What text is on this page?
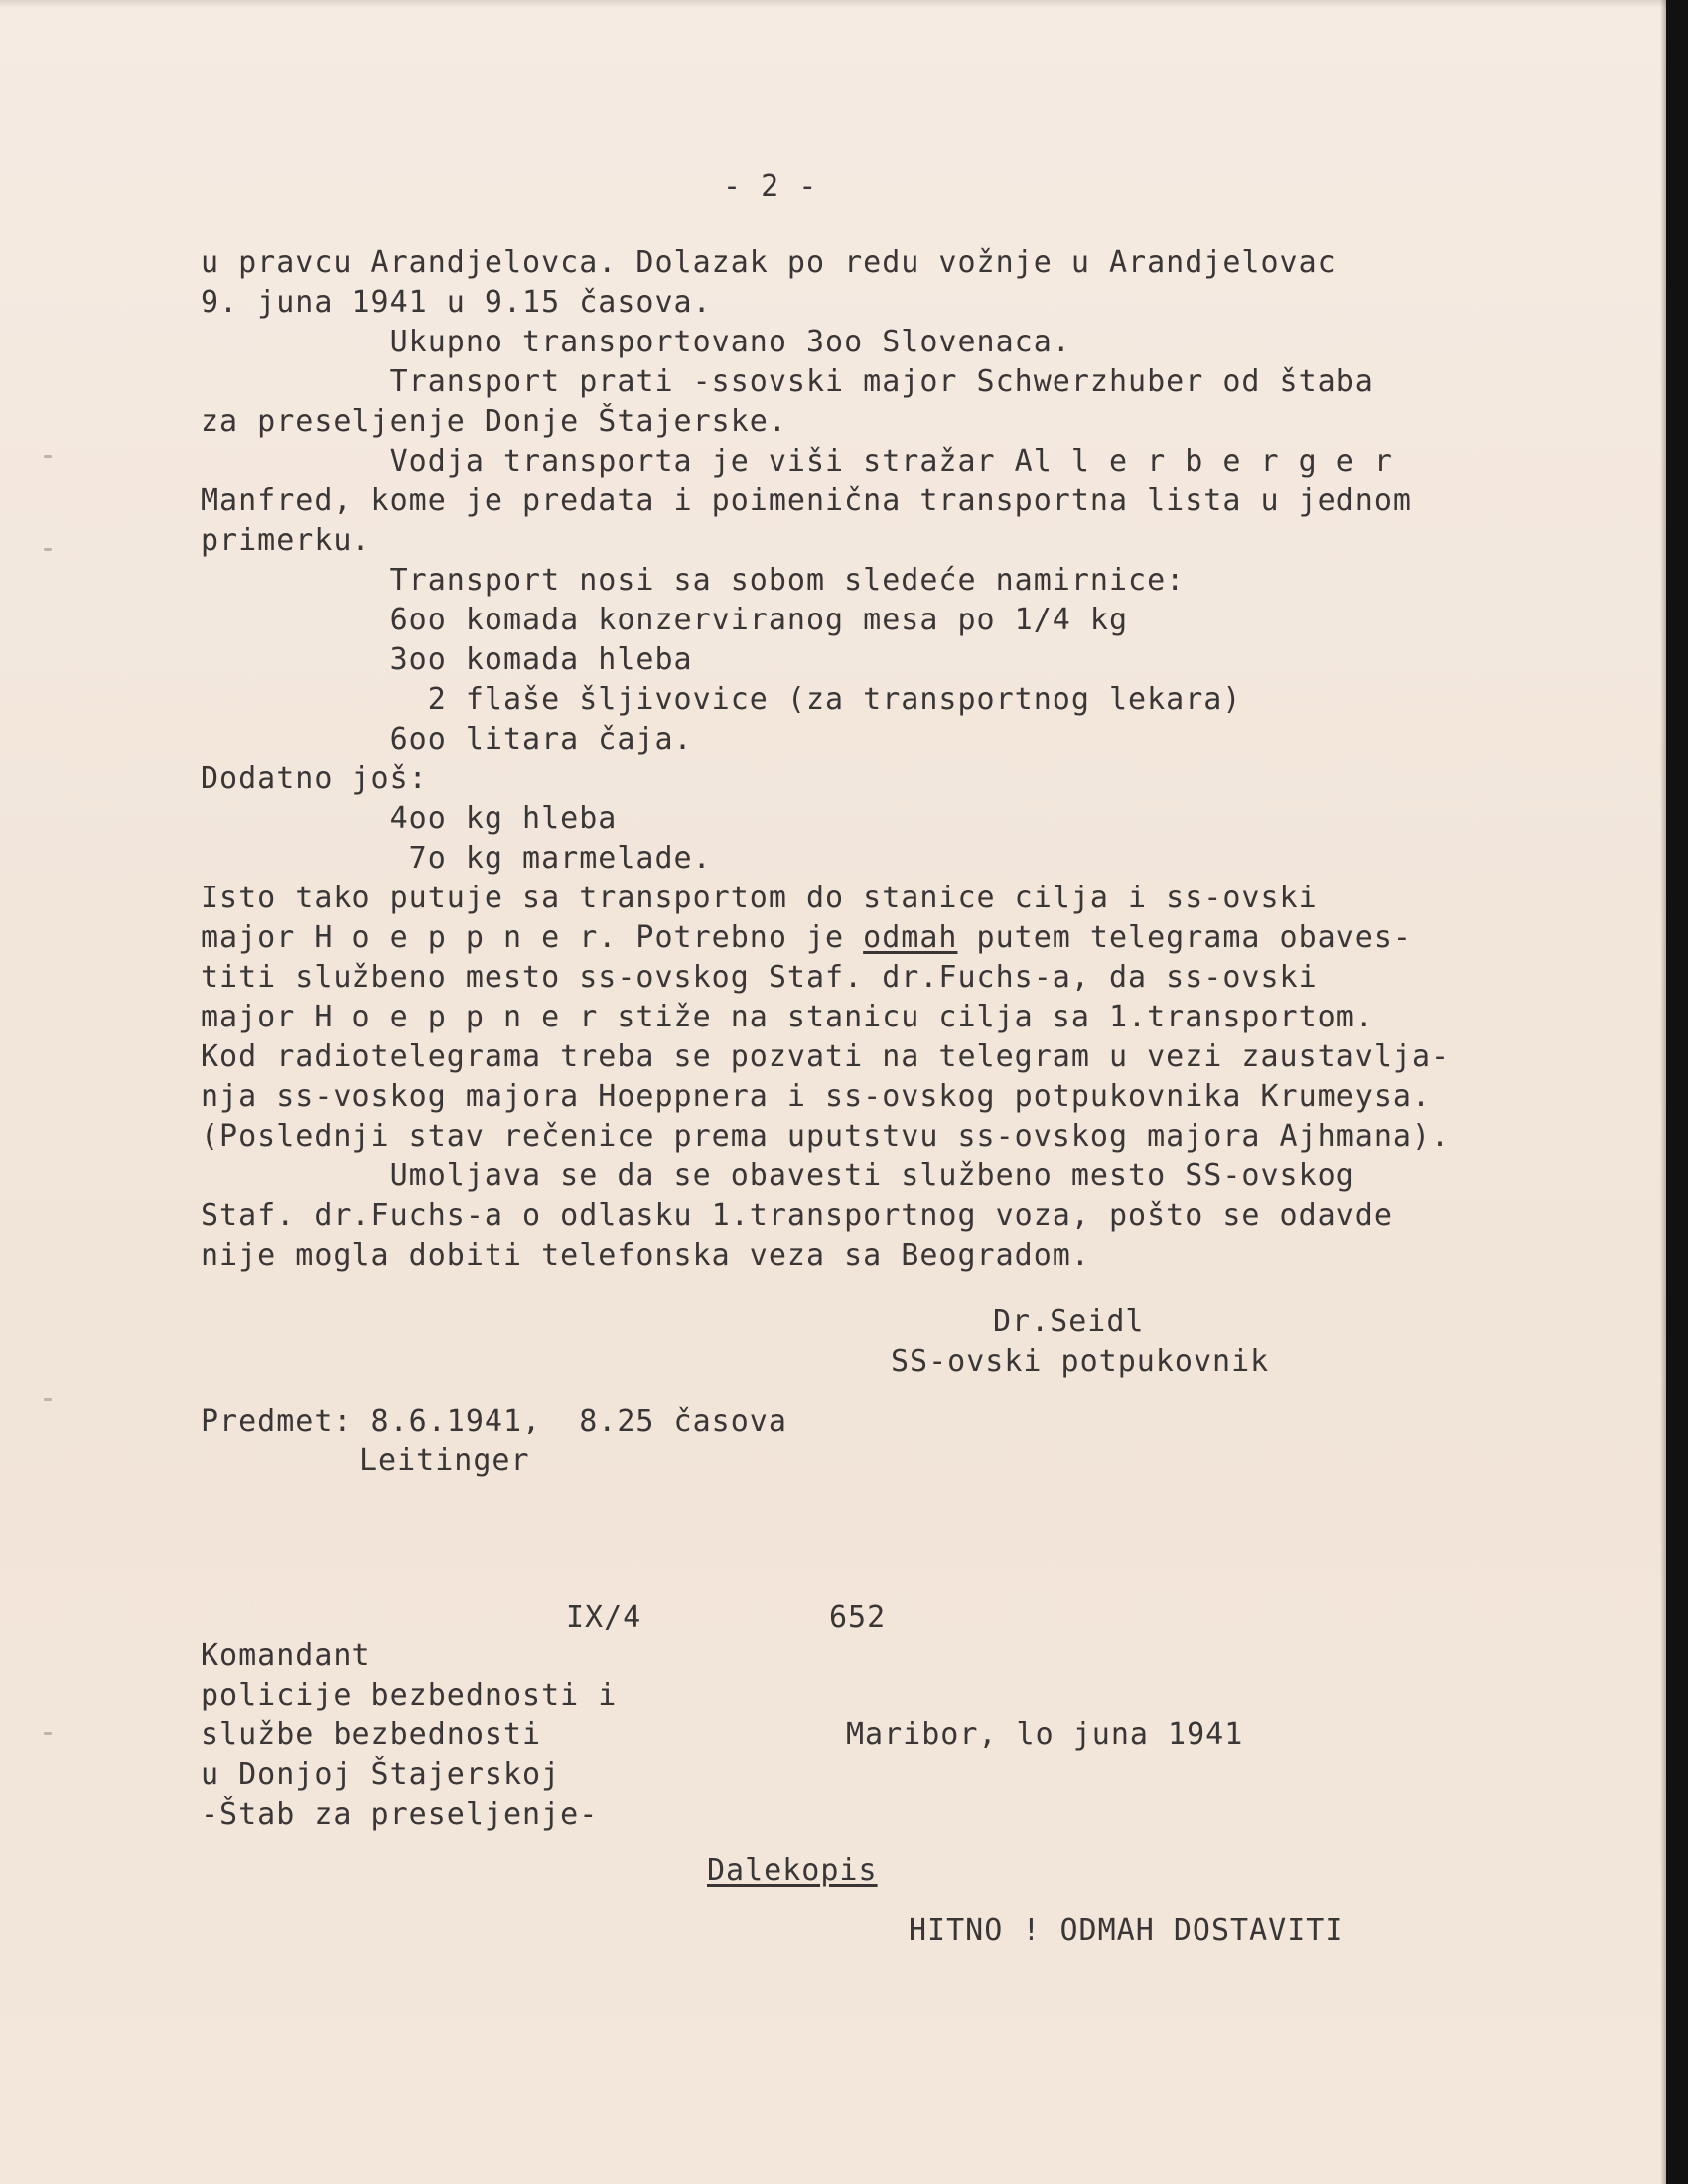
- 2 -
u pravcu Arandjelovca. Dolazak po redu vožnje u Arandjelovac
9. juna 1941 u 9.15 časova.
Ukupno transportovano 3oo Slovenaca.
Transport prati -ssovski major Schwerzhuber od štaba
za preseljenje Donje Štajerske.
Vodja transporta je viši stražar Al l e r b e r g e r
Manfred, kome je predata i poimenična transportna lista u jednom
primerku.
Transport nosi sa sobom sledeće namirnice:
6oo komada konzerviranog mesa po 1/4 kg
3oo komada hleba
2 flaše šljivovice (za transportnog lekara)
6oo litara čaja.
Dodatno još:
4oo kg hleba
7o kg marmelade.
Isto tako putuje sa transportom do stanice cilja i ss-ovski
major H o e p p n e r. Potrebno je odmah putem telegrama obaves-
titi službeno mesto ss-ovskog Staf. dr.Fuchs-a, da ss-ovski
major H o e p p n e r stiže na stanicu cilja sa 1.transportom.
Kod radiotelegrama treba se pozvati na telegram u vezi zaustavlja-
nja ss-voskog majora Hoeppnera i ss-ovskog potpukovnika Krumeysa.
(Poslednji stav rečenice prema uputstvu ss-ovskog majora Ajhmana).
Umoljava se da se obavesti službeno mesto SS-ovskog
Staf. dr.Fuchs-a o odlasku 1.transportnog voza, pošto se odavde
nije mogla dobiti telefonska veza sa Beogradom.
Dr.Seidl
SS-ovski potpukovnik
Predmet: 8.6.1941,  8.25 časova
Leitinger
IX/4	652
Komandant
policije bezbednosti i
službe bezbednosti
u Donjoj Štajerskoj
-Štab za preseljenje-
Maribor, lo juna 1941
Dalekopis
HITNO ! ODMAH DOSTAVITI
